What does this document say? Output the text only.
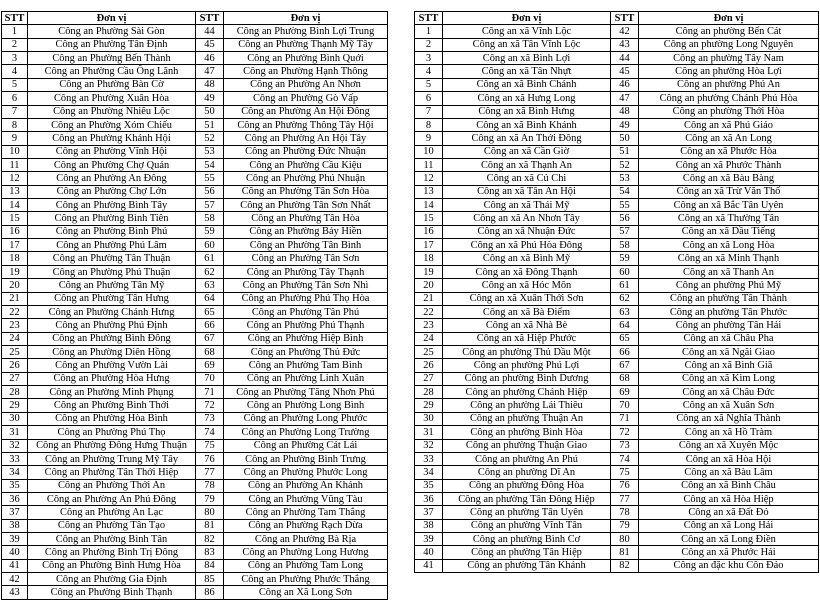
STT	Đơn vị	STT	Đơn vị
1	Công an Phường Sài Gòn	44	Công an Phường Bình Lợi Trung
2	Công an Phường Tân Định	45	Công an Phường Thạnh Mỹ Tây
3	Công an Phường Bến Thành	46	Công an Phường Bình Quới
4	Công an Phường Cầu Ông Lãnh	47	Công an Phường Hạnh Thông
5	Công an Phường Bàn Cờ	48	Công an Phường An Nhơn
6	Công an Phường Xuân Hòa	49	Công an Phường Gò Vấp
7	Công an Phường Nhiêu Lộc	50	Công an Phường An Hội Đông
8	Công an Phường Xóm Chiếu	51	Công an Phường Thông Tây Hội
9	Công an Phường Khánh Hội	52	Công an Phường An Hội Tây
10	Công an Phường Vĩnh Hội	53	Công an Phường Đức Nhuận
11	Công an Phường Chợ Quán	54	Công an Phường Cầu Kiệu
12	Công an Phường An Đông	55	Công an Phường Phú Nhuận
13	Công an Phường Chợ Lớn	56	Công an Phường Tân Sơn Hòa
14	Công an Phường Bình Tây	57	Công an Phường Tân Sơn Nhất
15	Công an Phường Bình Tiên	58	Công an Phường Tân Hòa
16	Công an Phường Bình Phú	59	Công an Phường Bảy Hiền
17	Công an Phường Phú Lâm	60	Công an Phường Tân Bình
18	Công an Phường Tân Thuận	61	Công an Phường Tân Sơn
19	Công an Phường Phú Thuận	62	Công an Phường Tây Thạnh
20	Công an Phường Tân Mỹ	63	Công an Phường Tân Sơn Nhì
21	Công an Phường Tân Hưng	64	Công an Phường Phú Thọ Hòa
22	Công an Phường Chánh Hưng	65	Công an Phường Tân Phú
23	Công an Phường Phú Định	66	Công an Phường Phú Thạnh
24	Công an Phường Bình Đông	67	Công an Phường Hiệp Bình
25	Công an Phường Diên Hồng	68	Công an Phường Thủ Đức
26	Công an Phường Vườn Lài	69	Công an Phường Tam Bình
27	Công an Phường Hòa Hưng	70	Công an Phường Linh Xuân
28	Công an Phường Minh Phụng	71	Công an Phường Tăng Nhơn Phú
29	Công an Phường Bình Thới	72	Công an Phường Long Bình
30	Công an Phường Hòa Bình	73	Công an Phường Long Phước
31	Công an Phường Phú Thọ	74	Công an Phường Long Trường
32	Công an Phường Đông Hưng Thuận	75	Công an Phường Cát Lái
33	Công an Phường Trung Mỹ Tây	76	Công an Phường Bình Trưng
34	Công an Phường Tân Thới Hiệp	77	Công an Phường Phước Long
35	Công an Phường Thới An	78	Công an Phường An Khánh
36	Công an Phường An Phú Đông	79	Công an Phường Vũng Tàu
37	Công an Phường An Lạc	80	Công an Phường Tam Thắng
38	Công an Phường Tân Tạo	81	Công an Phường Rạch Dừa
39	Công an Phường Bình Tân	82	Công an Phường Bà Rịa
40	Công an Phường Bình Trị Đông	83	Công an Phường Long Hương
41	Công an Phường Bình Hưng Hòa	84	Công an Phường Tam Long
42	Công an Phường Gia Định	85	Công an Phường Phước Thắng
43	Công an Phường Bình Thạnh	86	Công an Xã Long Sơn
STT	Đơn vị	STT	Đơn vị
1	Công an xã Vĩnh Lộc	42	Công an phường Bến Cát
2	Công an xã Tân Vĩnh Lộc	43	Công an phường Long Nguyên
3	Công an xã Bình Lợi	44	Công an phường Tây Nam
4	Công an xã Tân Nhựt	45	Công an phường Hòa Lợi
5	Công an xã Bình Chánh	46	Công an phường Phú An
6	Công an xã Hưng Long	47	Công an phường Chánh Phú Hòa
7	Công an xã Bình Hưng	48	Công an phường Thới Hòa
8	Công an xã Bình Khánh	49	Công an xã Phú Giáo
9	Công an xã An Thới Đông	50	Công an xã An Long
10	Công an xã Cần Giờ	51	Công an xã Phước Hòa
11	Công an xã Thạnh An	52	Công an xã Phước Thành
12	Công an xã Củ Chi	53	Công an xã Bàu Bàng
13	Công an xã Tân An Hội	54	Công an xã Trừ Văn Thố
14	Công an xã Thái Mỹ	55	Công an xã Bắc Tân Uyên
15	Công an xã An Nhơn Tây	56	Công an xã Thường Tân
16	Công an xã Nhuận Đức	57	Công an xã Dầu Tiếng
17	Công an xã Phú Hòa Đông	58	Công an xã Long Hòa
18	Công an xã Bình Mỹ	59	Công an xã Minh Thạnh
19	Công an xã Đông Thạnh	60	Công an xã Thanh An
20	Công an xã Hóc Môn	61	Công an phường Phú Mỹ
21	Công an xã Xuân Thới Sơn	62	Công an phường Tân Thành
22	Công an xã Bà Điểm	63	Công an phường Tân Phước
23	Công an xã Nhà Bè	64	Công an phường Tân Hải
24	Công an xã Hiệp Phước	65	Công an xã Châu Pha
25	Công an phường Thủ Dầu Một	66	Công an xã Ngãi Giao
26	Công an phường Phú Lợi	67	Công an xã Bình Giã
27	Công an phường Bình Dương	68	Công an xã Kim Long
28	Công an phường Chánh Hiệp	69	Công an xã Châu Đức
29	Công an phường Lái Thiêu	70	Công an xã Xuân Sơn
30	Công an phường Thuận An	71	Công an xã Nghĩa Thành
31	Công an phường Bình Hòa	72	Công an xã Hồ Tràm
32	Công an phường Thuận Giao	73	Công an xã Xuyên Mộc
33	Công an phường An Phú	74	Công an xã Hòa Hội
34	Công an phường Dĩ An	75	Công an xã Bàu Lâm
35	Công an phường Đông Hòa	76	Công an xã Bình Châu
36	Công an phường Tân Đông Hiệp	77	Công an xã Hòa Hiệp
37	Công an phường Tân Uyên	78	Công an xã Đất Đỏ
38	Công an phường Vĩnh Tân	79	Công an xã Long Hải
39	Công an phường Bình Cơ	80	Công an xã Long Điền
40	Công an phường Tân Hiệp	81	Công an xã Phước Hải
41	Công an phường Tân Khánh	82	Công an đặc khu Côn Đảo
